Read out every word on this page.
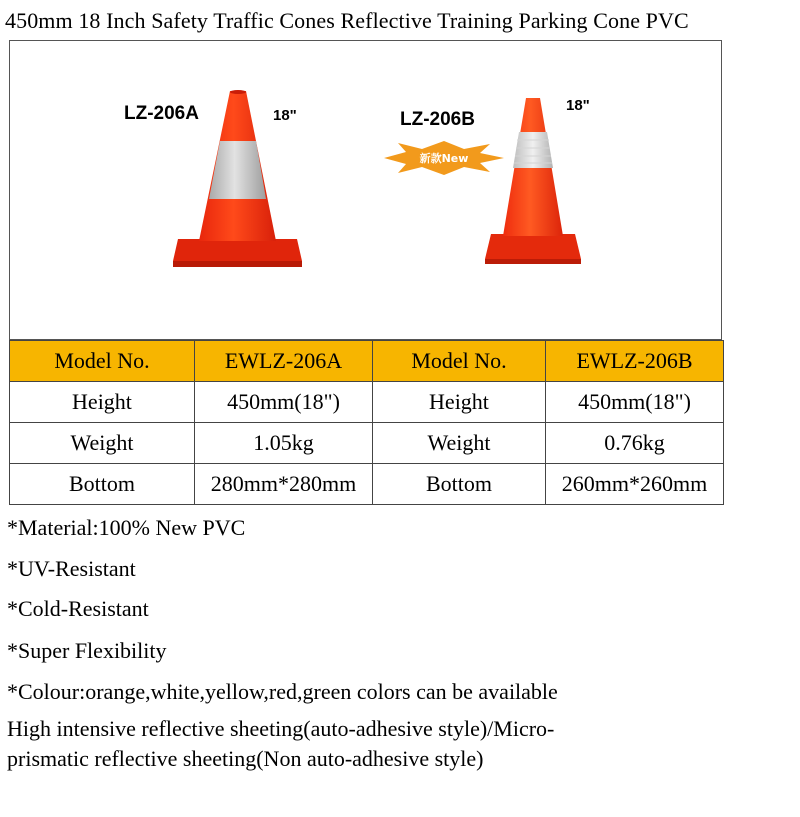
450mm 18 Inch Safety Traffic Cones Reflective Training Parking Cone PVC
LZ-206A	18"	LZ-206B
18"
新款New
Model No.	EWLZ-206A	Model No.	EWLZ-206B
Height	450mm(18")	Height	450mm(18")
Weight	1.05kg	Weight	0.76kg
Bottom	280mm*280mm	Bottom	260mm*260mm
*Material:100% New PVC
*UV-Resistant
*Cold-Resistant
*Super Flexibility
*Colour:orange,white,yellow,red,green colors can be available
High intensive reflective sheeting(auto-adhesive style)/Micro-prismatic reflective sheeting(Non auto-adhesive style)
